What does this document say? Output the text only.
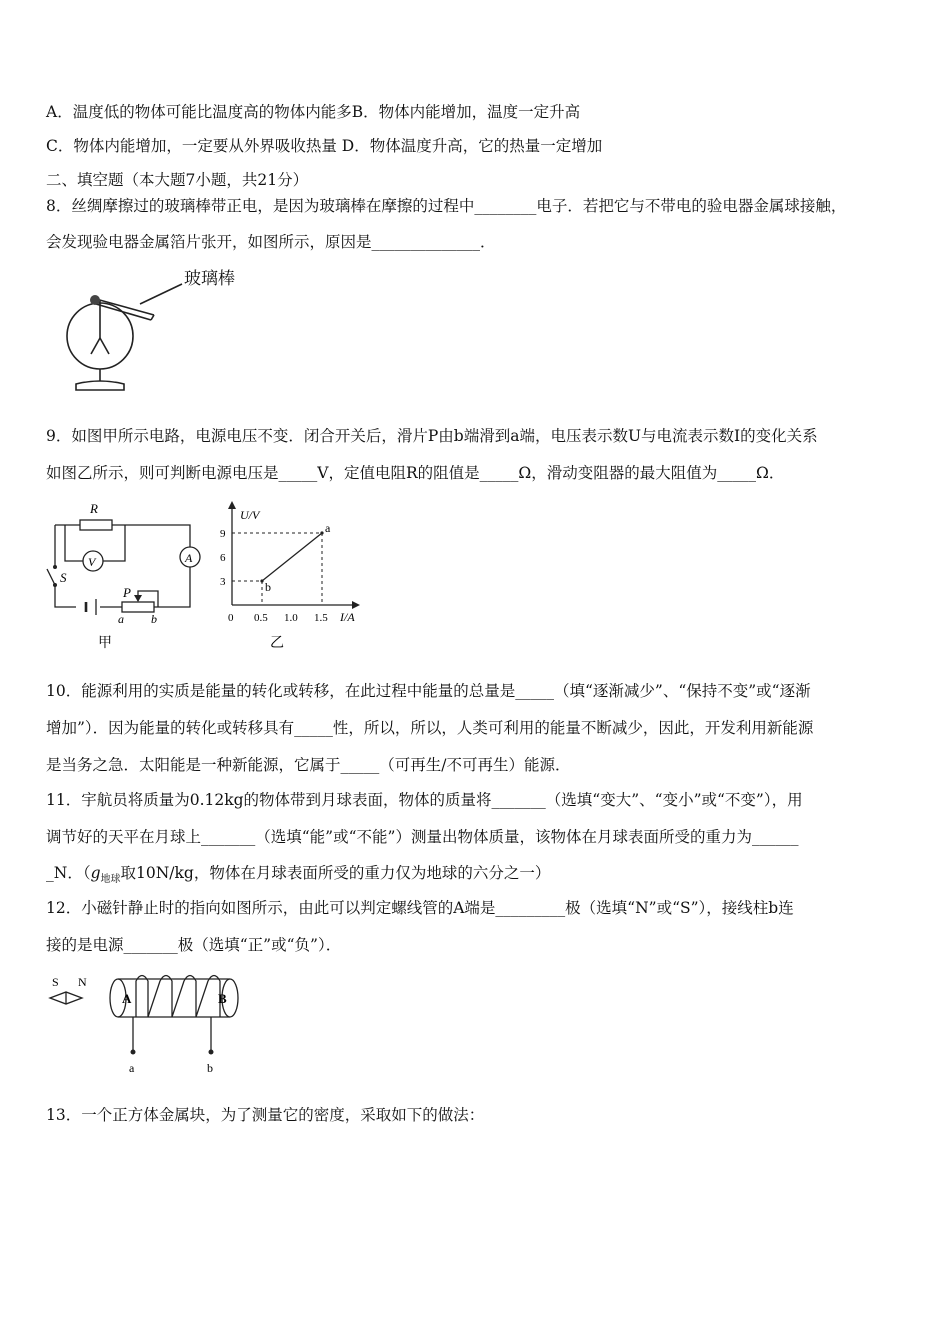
A．温度低的物体可能比温度高的物体内能多B．物体内能增加，温度一定升高
C．物体内能增加，一定要从外界吸收热量 D．物体温度升高，它的热量一定增加
二、填空题（本大题7小题，共21分）
8．丝绸摩擦过的玻璃棒带正电，是因为玻璃棒在摩擦的过程中________电子．若把它与不带电的验电器金属球接触，
会发现验电器金属箔片张开，如图所示，原因是______________．
玻璃棒
9．如图甲所示电路，电源电压不变．闭合开关后，滑片P由b端滑到a端，电压表示数U与电流表示数I的变化关系
如图乙所示，则可判断电源电压是_____V，定值电阻R的阻值是_____Ω，滑动变阻器的最大阻值为_____Ω．
R
V	A
S
P
a b
甲
0 0.5 1.0 1.5
3
6
9
b
a
U/V
I/A
乙
10．能源利用的实质是能量的转化或转移，在此过程中能量的总量是_____（填“逐渐减少”、“保持不变”或“逐渐
增加”）．因为能量的转化或转移具有_____性，所以，所以，人类可利用的能量不断减少，因此，开发利用新能源
是当务之急．太阳能是一种新能源，它属于_____（可再生/不可再生）能源．
11．宇航员将质量为0.12kg的物体带到月球表面，物体的质量将_______（选填“变大”、“变小”或“不变”），用
调节好的天平在月球上_______（选填“能”或“不能”）测量出物体质量，该物体在月球表面所受的重力为______
_N．（$g_{地球}$取10N/kg，物体在月球表面所受的重力仅为地球的六分之一）
12．小磁针静止时的指向如图所示，由此可以判定螺线管的A端是_________极（选填“N”或“S”），接线柱b连
接的是电源_______极（选填“正”或“负”）．
S N
A	B
a	b
13．一个正方体金属块，为了测量它的密度，采取如下的做法：
